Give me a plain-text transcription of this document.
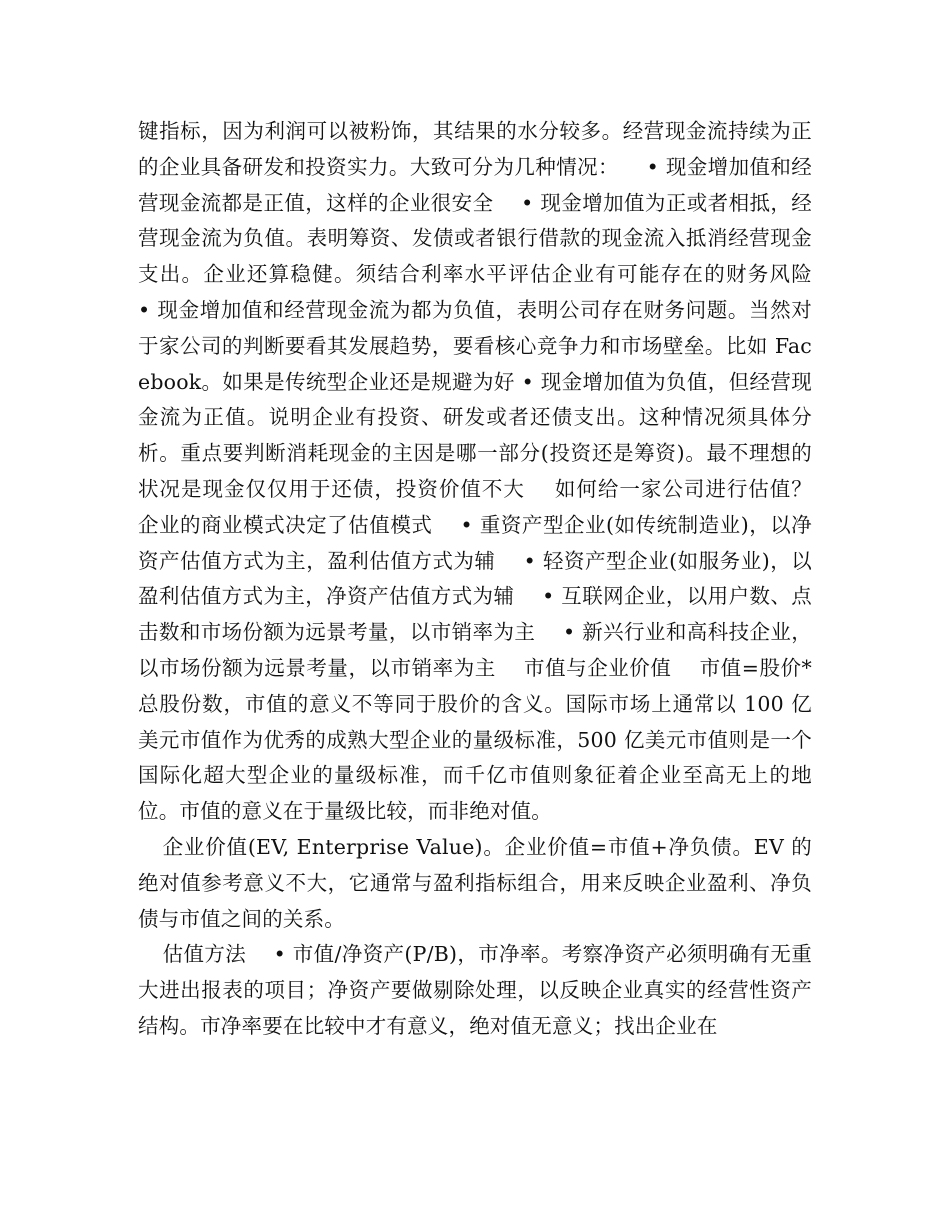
键指标，因为利润可以被粉饰，其结果的水分较多。经营现金流持续为正的企业具备研发和投资实力。大致可分为几种情况：    • 现金增加值和经营现金流都是正值，这样的企业很安全    • 现金增加值为正或者相抵，经营现金流为负值。表明筹资、发债或者银行借款的现金流入抵消经营现金支出。企业还算稳健。须结合利率水平评估企业有可能存在的财务风险    • 现金增加值和经营现金流为都为负值，表明公司存在财务问题。当然对于家公司的判断要看其发展趋势，要看核心竞争力和市场壁垒。比如 Facebook。如果是传统型企业还是规避为好 • 现金增加值为负值，但经营现金流为正值。说明企业有投资、研发或者还债支出。这种情况须具体分析。重点要判断消耗现金的主因是哪一部分(投资还是筹资)。最不理想的状况是现金仅仅用于还债，投资价值不大    如何给一家公司进行估值？    企业的商业模式决定了估值模式    • 重资产型企业(如传统制造业)，以净资产估值方式为主，盈利估值方式为辅    • 轻资产型企业(如服务业)，以盈利估值方式为主，净资产估值方式为辅    • 互联网企业，以用户数、点击数和市场份额为远景考量，以市销率为主    • 新兴行业和高科技企业，以市场份额为远景考量，以市销率为主    市值与企业价值    市值=股价*总股份数，市值的意义不等同于股价的含义。国际市场上通常以 100 亿美元市值作为优秀的成熟大型企业的量级标准，500 亿美元市值则是一个国际化超大型企业的量级标准，而千亿市值则象征着企业至高无上的地位。市值的意义在于量级比较，而非绝对值。

企业价值(EV, Enterprise Value)。企业价值=市值+净负债。EV 的绝对值参考意义不大，它通常与盈利指标组合，用来反映企业盈利、净负债与市值之间的关系。

估值方法    • 市值/净资产(P/B)，市净率。考察净资产必须明确有无重大进出报表的项目；净资产要做剔除处理，以反映企业真实的经营性资产结构。市净率要在比较中才有意义，绝对值无意义；找出企业在
